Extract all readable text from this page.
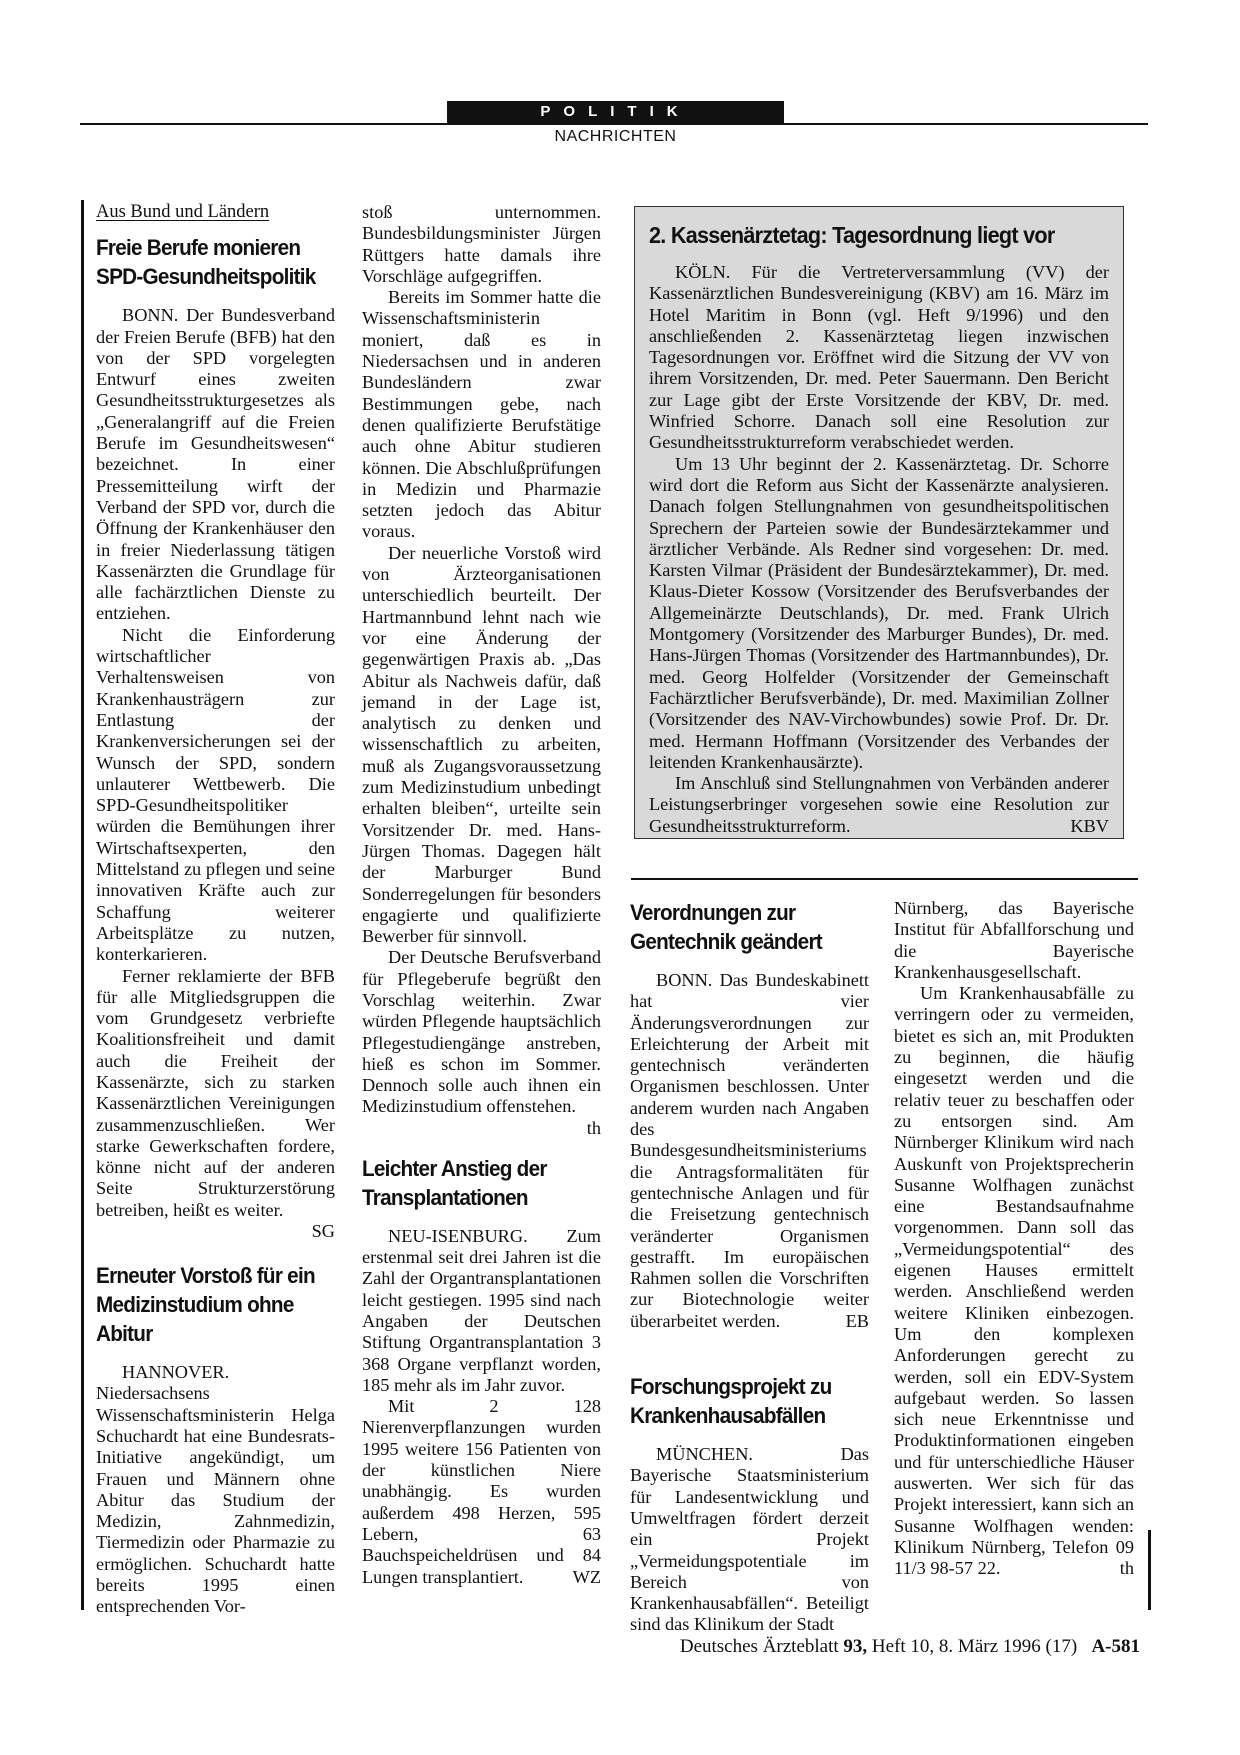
POLITIK
NACHRICHTEN
Aus Bund und Ländern
Freie Berufe monieren SPD-Gesundheitspolitik

BONN. Der Bundesverband der Freien Berufe (BFB) hat den von der SPD vorgelegten Entwurf eines zweiten Gesundheitsstrukturgesetzes als „Generalangriff auf die Freien Berufe im Gesundheitswesen“ bezeichnet. In einer Pressemitteilung wirft der Verband der SPD vor, durch die Öffnung der Krankenhäuser den in freier Niederlassung tätigen Kassenärzten die Grundlage für alle fachärztlichen Dienste zu entziehen.

Nicht die Einforderung wirtschaftlicher Verhaltensweisen von Krankenhausträgern zur Entlastung der Krankenversicherungen sei der Wunsch der SPD, sondern unlauterer Wettbewerb. Die SPD-Gesundheitspolitiker würden die Bemühungen ihrer Wirtschaftsexperten, den Mittelstand zu pflegen und seine innovativen Kräfte auch zur Schaffung weiterer Arbeitsplätze zu nutzen, konterkarieren.

Ferner reklamierte der BFB für alle Mitgliedsgruppen die vom Grundgesetz verbriefte Koalitionsfreiheit und damit auch die Freiheit der Kassenärzte, sich zu starken Kassenärztlichen Vereinigungen zusammenzuschließen. Wer starke Gewerkschaften fordere, könne nicht auf der anderen Seite Strukturzerstörung betreiben, heißt es weiter.
SG

Erneuter Vorstoß für ein Medizinstudium ohne Abitur

HANNOVER. Niedersachsens Wissenschaftsministerin Helga Schuchardt hat eine Bundesrats-Initiative angekündigt, um Frauen und Männern ohne Abitur das Studium der Medizin, Zahnmedizin, Tiermedizin oder Pharmazie zu ermöglichen. Schuchardt hatte bereits 1995 einen entsprechenden Vor-

stoß unternommen. Bundesbildungsminister Jürgen Rüttgers hatte damals ihre Vorschläge aufgegriffen.

Bereits im Sommer hatte die Wissenschaftsministerin moniert, daß es in Niedersachsen und in anderen Bundesländern zwar Bestimmungen gebe, nach denen qualifizierte Berufstätige auch ohne Abitur studieren können. Die Abschlußprüfungen in Medizin und Pharmazie setzten jedoch das Abitur voraus.

Der neuerliche Vorstoß wird von Ärzteorganisationen unterschiedlich beurteilt. Der Hartmannbund lehnt nach wie vor eine Änderung der gegenwärtigen Praxis ab. „Das Abitur als Nachweis dafür, daß jemand in der Lage ist, analytisch zu denken und wissenschaftlich zu arbeiten, muß als Zugangsvoraussetzung zum Medizinstudium unbedingt erhalten bleiben“, urteilte sein Vorsitzender Dr. med. Hans-Jürgen Thomas. Dagegen hält der Marburger Bund Sonderregelungen für besonders engagierte und qualifizierte Bewerber für sinnvoll.

Der Deutsche Berufsverband für Pflegeberufe begrüßt den Vorschlag weiterhin. Zwar würden Pflegende hauptsächlich Pflegestudiengänge anstreben, hieß es schon im Sommer. Dennoch solle auch ihnen ein Medizinstudium offenstehen.
th

Leichter Anstieg der Transplantationen

NEU-ISENBURG. Zum erstenmal seit drei Jahren ist die Zahl der Organtransplantationen leicht gestiegen. 1995 sind nach Angaben der Deutschen Stiftung Organtransplantation 3 368 Organe verpflanzt worden, 185 mehr als im Jahr zuvor.

Mit 2 128 Nierenverpflanzungen wurden 1995 weitere 156 Patienten von der künstlichen Niere unabhängig. Es wurden außerdem 498 Herzen, 595 Lebern, 63 Bauchspeicheldrüsen und 84 Lungen transplantiert.	WZ

2. Kassenärztetag: Tagesordnung liegt vor

KÖLN. Für die Vertreterversammlung (VV) der Kassenärztlichen Bundesvereinigung (KBV) am 16. März im Hotel Maritim in Bonn (vgl. Heft 9/1996) und den anschließenden 2. Kassenärztetag liegen inzwischen Tagesordnungen vor. Eröffnet wird die Sitzung der VV von ihrem Vorsitzenden, Dr. med. Peter Sauermann. Den Bericht zur Lage gibt der Erste Vorsitzende der KBV, Dr. med. Winfried Schorre. Danach soll eine Resolution zur Gesundheitsstrukturreform verabschiedet werden.

Um 13 Uhr beginnt der 2. Kassenärztetag. Dr. Schorre wird dort die Reform aus Sicht der Kassenärzte analysieren. Danach folgen Stellungnahmen von gesundheitspolitischen Sprechern der Parteien sowie der Bundesärztekammer und ärztlicher Verbände. Als Redner sind vorgesehen: Dr. med. Karsten Vilmar (Präsident der Bundesärztekammer), Dr. med. Klaus-Dieter Kossow (Vorsitzender des Berufsverbandes der Allgemeinärzte Deutschlands), Dr. med. Frank Ulrich Montgomery (Vorsitzender des Marburger Bundes), Dr. med. Hans-Jürgen Thomas (Vorsitzender des Hartmannbundes), Dr. med. Georg Holfelder (Vorsitzender der Gemeinschaft Fachärztlicher Berufsverbände), Dr. med. Maximilian Zollner (Vorsitzender des NAV-Virchowbundes) sowie Prof. Dr. Dr. med. Hermann Hoffmann (Vorsitzender des Verbandes der leitenden Krankenhausärzte).

Im Anschluß sind Stellungnahmen von Verbänden anderer Leistungserbringer vorgesehen sowie eine Resolution zur Gesundheitsstrukturreform.	KBV

Verordnungen zur Gentechnik geändert

BONN. Das Bundeskabinett hat vier Änderungsverordnungen zur Erleichterung der Arbeit mit gentechnisch veränderten Organismen beschlossen. Unter anderem wurden nach Angaben des Bundesgesundheitsministeriums die Antragsformalitäten für gentechnische Anlagen und für die Freisetzung gentechnisch veränderter Organismen gestrafft. Im europäischen Rahmen sollen die Vorschriften zur Biotechnologie weiter überarbeitet werden.	EB

Forschungsprojekt zu Krankenhausabfällen

MÜNCHEN. Das Bayerische Staatsministerium für Landesentwicklung und Umweltfragen fördert derzeit ein Projekt „Vermeidungspotentiale im Bereich von Krankenhausabfällen“. Beteiligt sind das Klinikum der Stadt

Nürnberg, das Bayerische Institut für Abfallforschung und die Bayerische Krankenhausgesellschaft.

Um Krankenhausabfälle zu verringern oder zu vermeiden, bietet es sich an, mit Produkten zu beginnen, die häufig eingesetzt werden und die relativ teuer zu beschaffen oder zu entsorgen sind. Am Nürnberger Klinikum wird nach Auskunft von Projektsprecherin Susanne Wolfhagen zunächst eine Bestandsaufnahme vorgenommen. Dann soll das „Vermeidungspotential“ des eigenen Hauses ermittelt werden. Anschließend werden weitere Kliniken einbezogen. Um den komplexen Anforderungen gerecht zu werden, soll ein EDV-System aufgebaut werden. So lassen sich neue Erkenntnisse und Produktinformationen eingeben und für unterschiedliche Häuser auswerten. Wer sich für das Projekt interessiert, kann sich an Susanne Wolfhagen wenden: Klinikum Nürnberg, Telefon 09 11/3 98-57 22.	th

Deutsches Ärzteblatt 93, Heft 10, 8. März 1996 (17) A-581
